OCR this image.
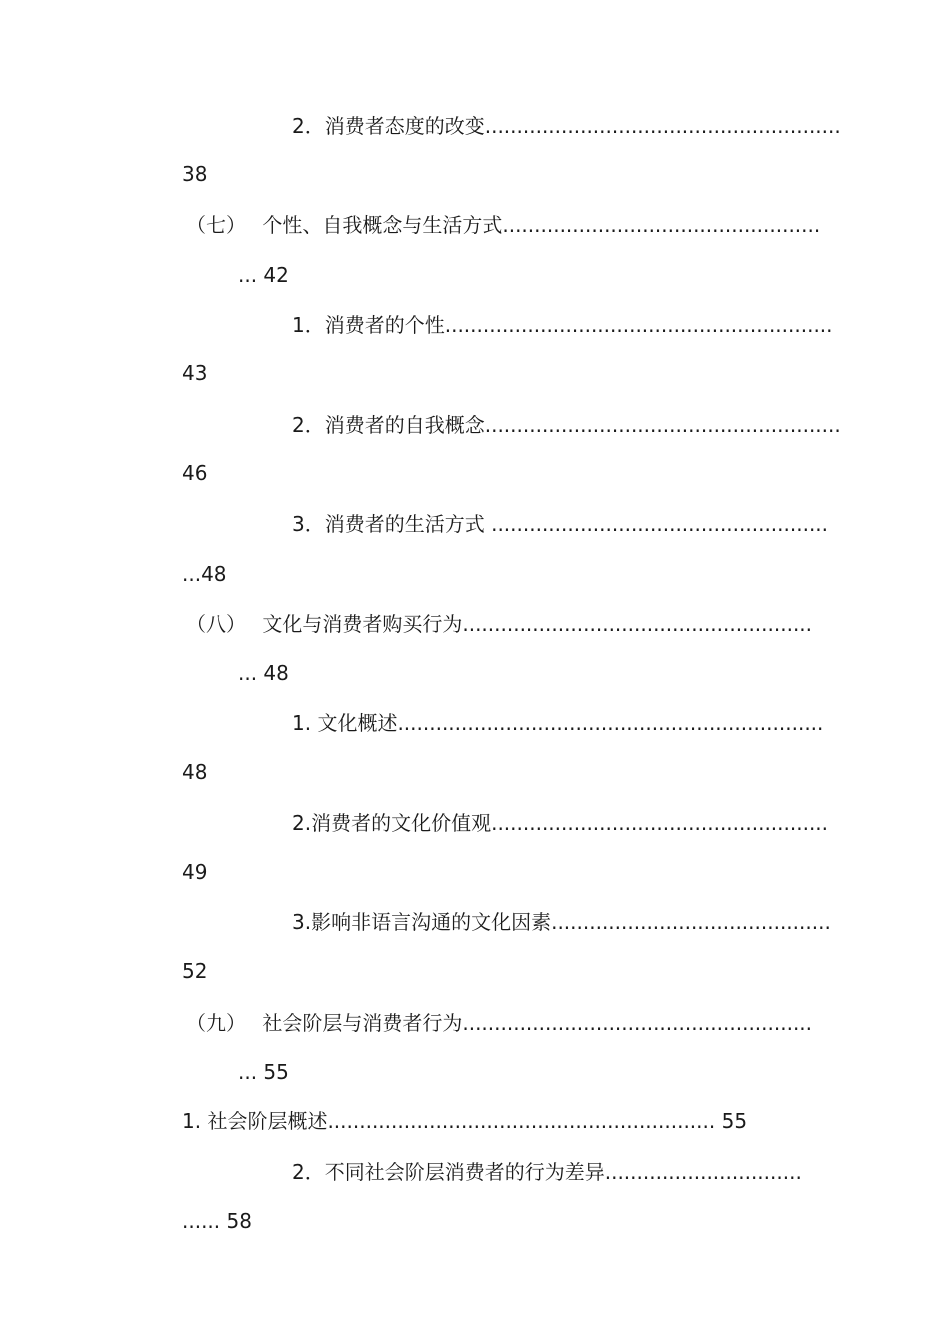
2．消费者态度的改变........................................................
38
（七）　 个性、自我概念与生活方式..................................................
... 42
1．消费者的个性.............................................................
43
2．消费者的自我概念........................................................
46
3．消费者的生活方式 .....................................................
...48
（八）　 文化与消费者购买行为.......................................................
... 48
1. 文化概述...................................................................
48
2.消费者的文化价值观.....................................................
49
3.影响非语言沟通的文化因素............................................
52
（九）　 社会阶层与消费者行为.......................................................
... 55
1. 社会阶层概述............................................................. 55
2．不同社会阶层消费者的行为差异...............................
...... 58
